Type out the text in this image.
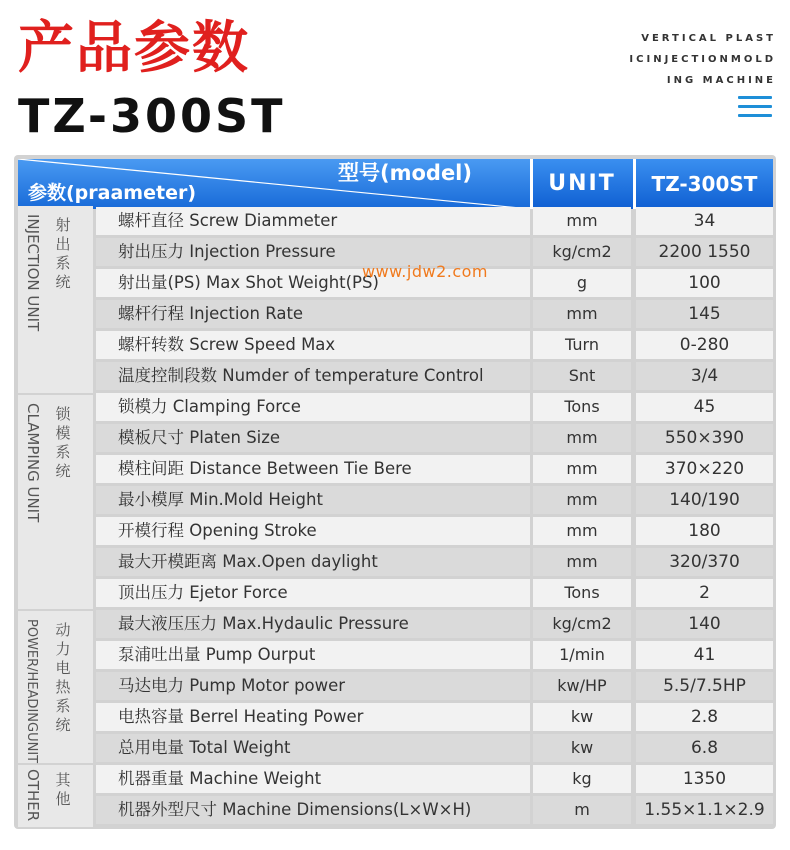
产品参数
TZ-300ST
VERTICAL PLAST
ICINJECTIONMOLD
ING MACHINE
型号(model)
参数(praameter)	UNIT	TZ-300ST
射出系统
INJECTION UNIT
锁模系统
CLAMPING UNIT
动力电热系统
POWER/HEADINGUNIT
其他
OTHER
螺杆直径 Screw Diammeter	mm	34
射出压力 Injection Pressure	kg/cm2	2200 1550
射出量(PS) Max Shot Weight(PS)	g	100
螺杆行程 Injection Rate	mm	145
螺杆转数 Screw Speed Max	Turn	0-280
温度控制段数 Numder of temperature Control	Snt	3/4
锁模力 Clamping Force	Tons	45
模板尺寸 Platen Size	mm	550×390
模柱间距 Distance Between Tie Bere	mm	370×220
最小模厚 Min.Mold Height	mm	140/190
开模行程 Opening Stroke	mm	180
最大开模距离 Max.Open daylight	mm	320/370
顶出压力 Ejetor Force	Tons	2
最大液压压力 Max.Hydaulic Pressure	kg/cm2	140
泵浦吐出量 Pump Ourput	1/min	41
马达电力 Pump Motor power	kw/HP	5.5/7.5HP
电热容量 Berrel Heating Power	kw	2.8
总用电量 Total Weight	kw	6.8
机器重量 Machine Weight	kg	1350
机器外型尺寸 Machine Dimensions(L×W×H)	m	1.55×1.1×2.9
www.jdw2.com
